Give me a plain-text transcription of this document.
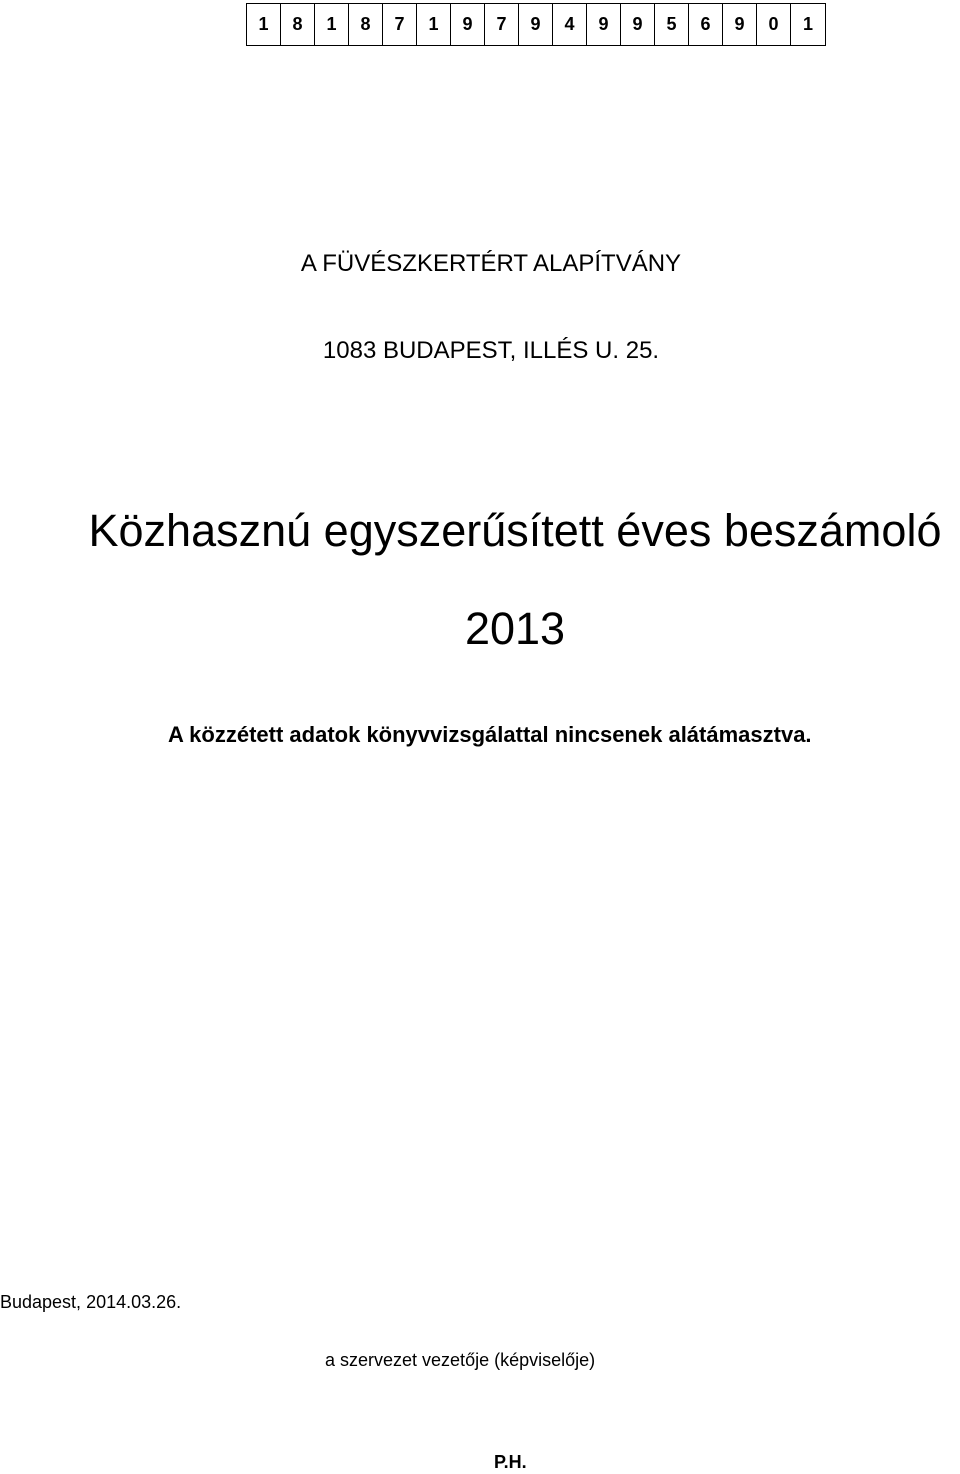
1	8	1	8	7	1	9	7	9	4	9	9	5	6	9	0	1
A FÜVÉSZKERTÉRT ALAPÍTVÁNY
1083 BUDAPEST, ILLÉS U. 25.
Közhasznú egyszerűsített éves beszámoló
2013
A közzétett adatok könyvvizsgálattal nincsenek alátámasztva.
Budapest, 2014.03.26.
a szervezet vezetője (képviselője)
P.H.
